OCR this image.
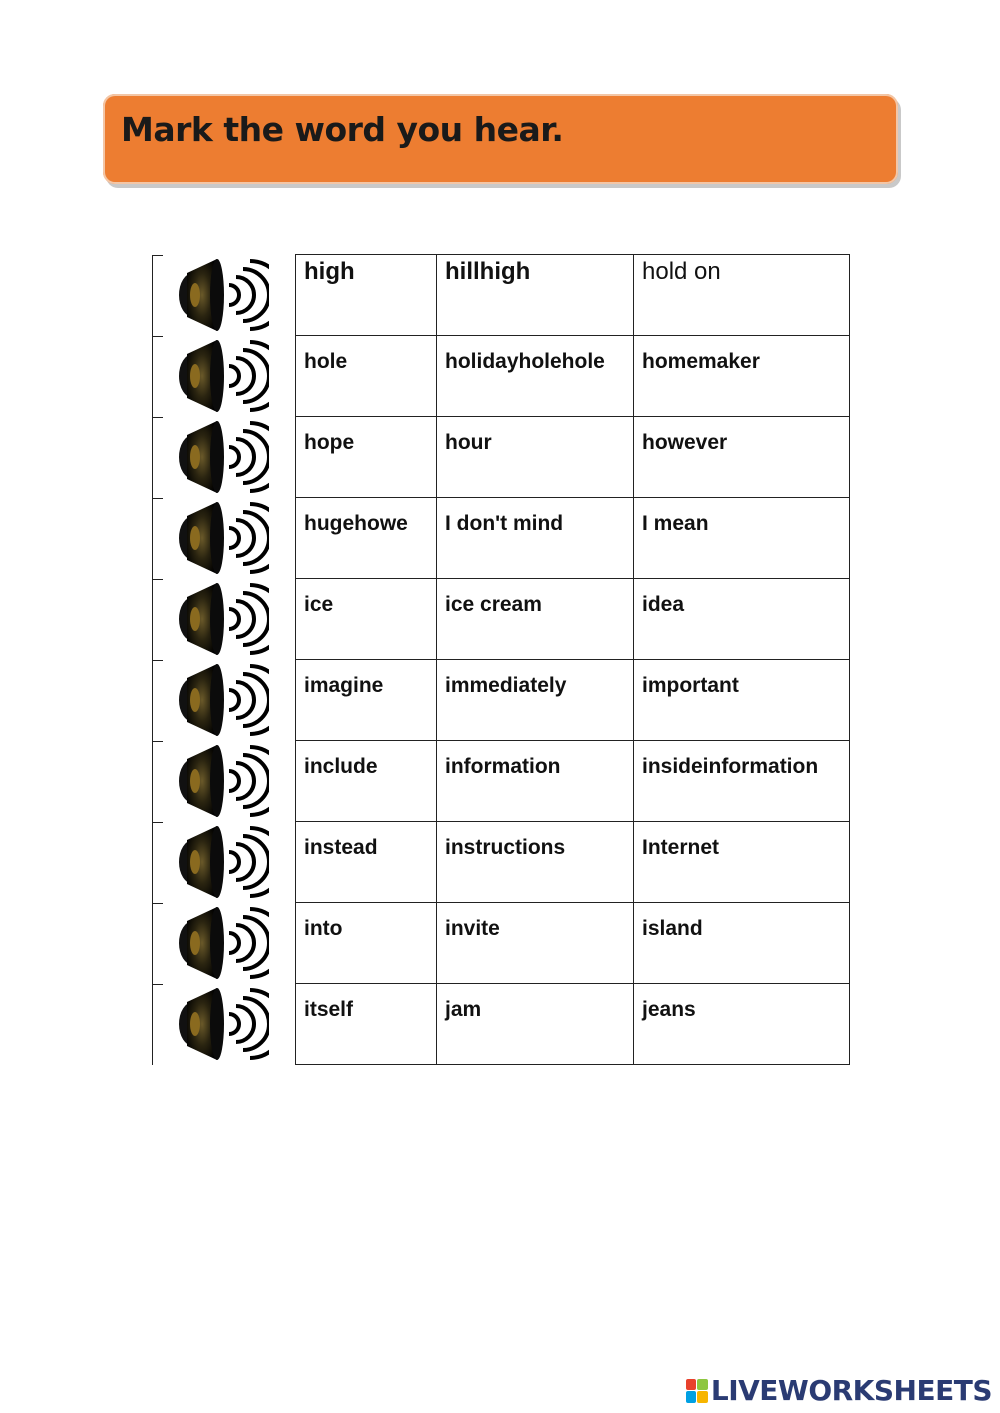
Mark the word you hear.

high	hillhigh	hold on

hole	holidayholehole	homemaker

hope	hour	however

hugehowe	I don't mind	I mean

ice	ice cream	idea

imagine	immediately	important

include	information	insideinformation

instead	instructions	Internet

into	invite	island

itself	jam	jeans
LIVEWORKSHEETS
